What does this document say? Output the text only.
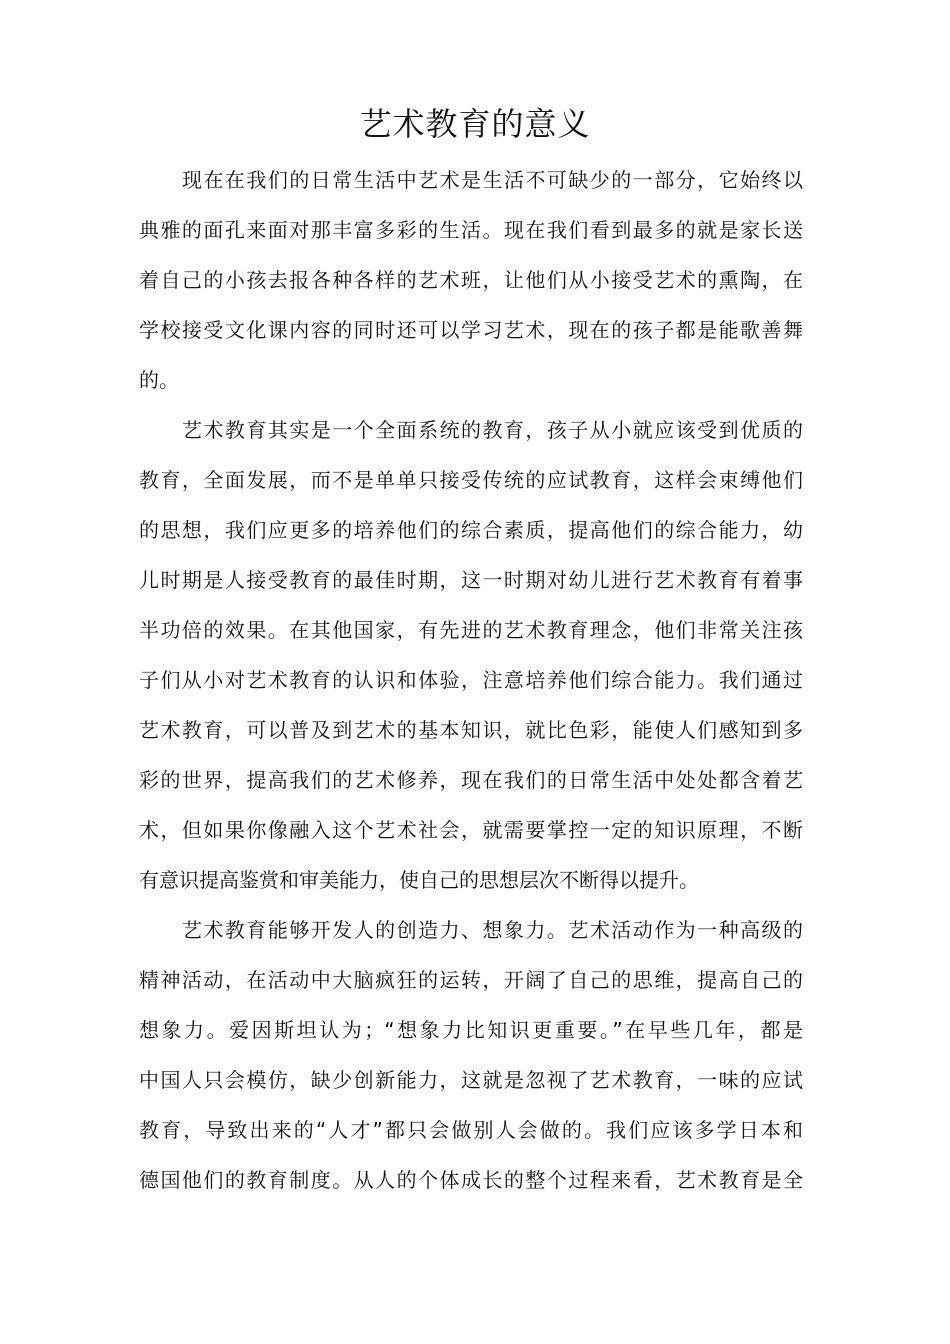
艺术教育的意义
现在在我们的日常生活中艺术是生活不可缺少的一部分，它始终以
典雅的面孔来面对那丰富多彩的生活。现在我们看到最多的就是家长送
着自己的小孩去报各种各样的艺术班，让他们从小接受艺术的熏陶，在
学校接受文化课内容的同时还可以学习艺术，现在的孩子都是能歌善舞
的。
艺术教育其实是一个全面系统的教育，孩子从小就应该受到优质的
教育，全面发展，而不是单单只接受传统的应试教育，这样会束缚他们
的思想，我们应更多的培养他们的综合素质，提高他们的综合能力，幼
儿时期是人接受教育的最佳时期，这一时期对幼儿进行艺术教育有着事
半功倍的效果。在其他国家，有先进的艺术教育理念，他们非常关注孩
子们从小对艺术教育的认识和体验，注意培养他们综合能力。我们通过
艺术教育，可以普及到艺术的基本知识，就比色彩，能使人们感知到多
彩的世界，提高我们的艺术修养，现在我们的日常生活中处处都含着艺
术，但如果你像融入这个艺术社会，就需要掌控一定的知识原理，不断
有意识提高鉴赏和审美能力，使自己的思想层次不断得以提升。
艺术教育能够开发人的创造力、想象力。艺术活动作为一种高级的
精神活动，在活动中大脑疯狂的运转，开阔了自己的思维，提高自己的
想象力。爱因斯坦认为；“想象力比知识更重要。”在早些几年，都是
中国人只会模仿，缺少创新能力，这就是忽视了艺术教育，一味的应试
教育，导致出来的“人才”都只会做别人会做的。我们应该多学日本和
德国他们的教育制度。从人的个体成长的整个过程来看，艺术教育是全
